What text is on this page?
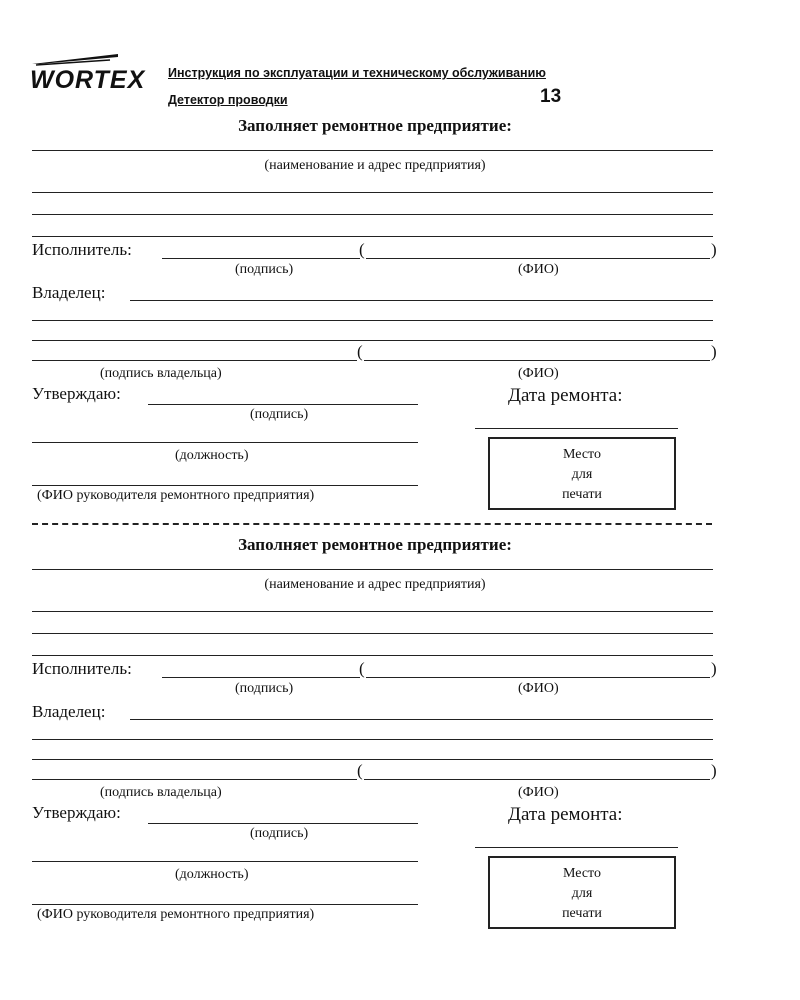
WORTEX Инструкция по эксплуатации и техническому обслуживанию
Детектор проводки	13
Заполняет ремонтное предприятие:
(наименование и адрес предприятия)
Исполнитель:	(	)
(подпись)	(ФИО)
Владелец:
(	)
(подпись владельца)	(ФИО)
Утверждаю:	Дата ремонта:
(подпись)
(должность)	Место
для
печати
(ФИО руководителя ремонтного предприятия)
Заполняет ремонтное предприятие:
(наименование и адрес предприятия)
Исполнитель:	(	)
(подпись)	(ФИО)
Владелец:
(	)
(подпись владельца)	(ФИО)
Утверждаю:	Дата ремонта:
(подпись)
(должность)	Место
для
печати
(ФИО руководителя ремонтного предприятия)
